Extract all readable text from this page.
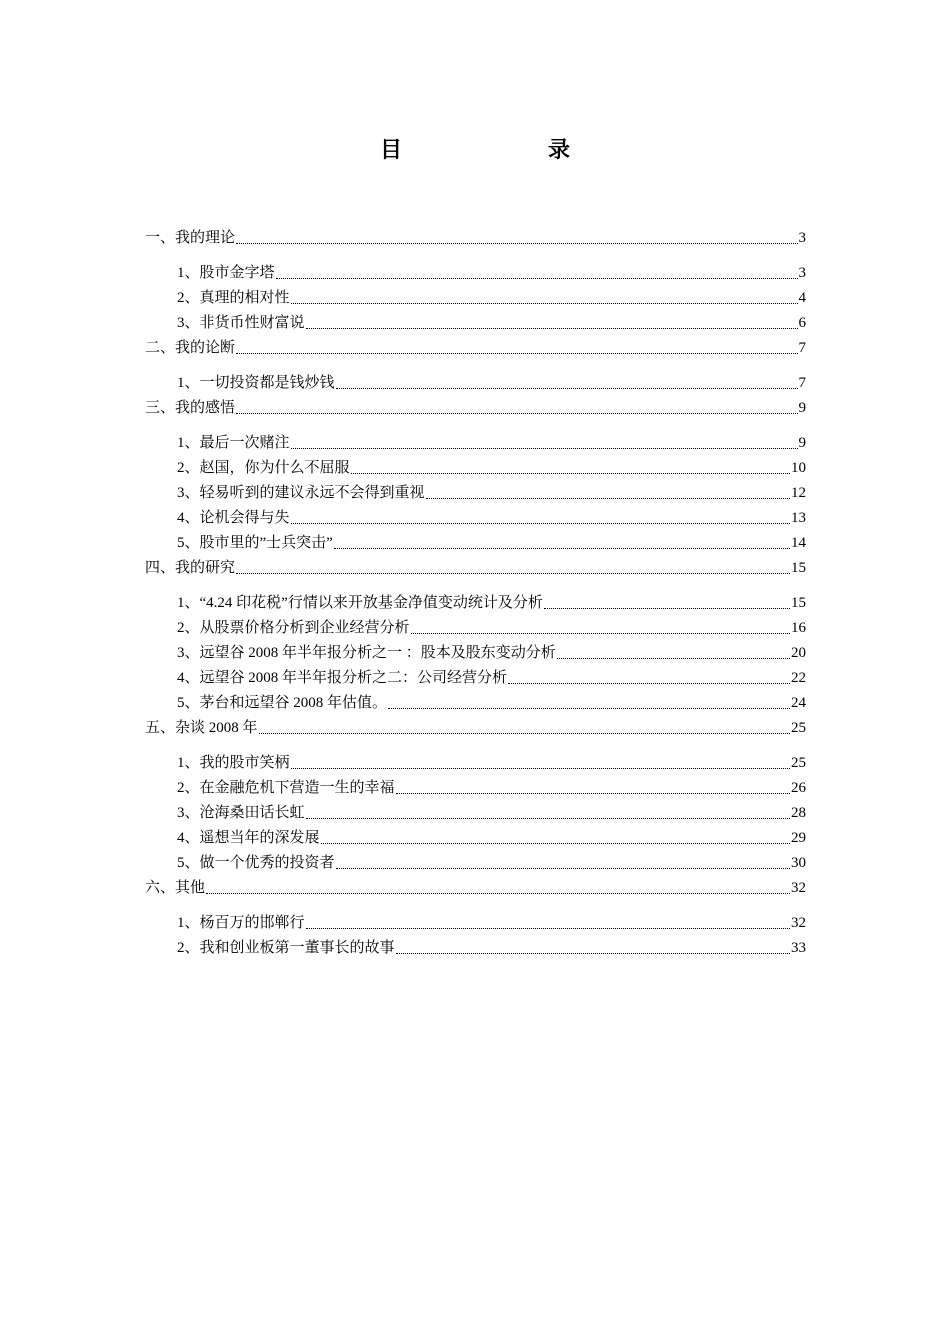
目　录
一、我的理论	3
1、股市金字塔	3
2、真理的相对性	4
3、非货币性财富说	6
二、我的论断	7
1、一切投资都是钱炒钱	7
三、我的感悟	9
1、最后一次赌注	9
2、赵国，你为什么不屈服	10
3、轻易听到的建议永远不会得到重视	12
4、论机会得与失	13
5、股市里的”士兵突击”	14
四、我的研究	15
1、“4.24 印花税”行情以来开放基金净值变动统计及分析	15
2、从股票价格分析到企业经营分析	16
3、远望谷 2008 年半年报分析之一 ：股本及股东变动分析	20
4、远望谷 2008 年半年报分析之二：公司经营分析	22
5、茅台和远望谷 2008 年估值。	24
五、杂谈 2008 年	25
1、我的股市笑柄	25
2、在金融危机下营造一生的幸福	26
3、沧海桑田话长虹	28
4、遥想当年的深发展	29
5、做一个优秀的投资者	30
六、其他	32
1、杨百万的邯郸行	32
2、我和创业板第一董事长的故事	33
